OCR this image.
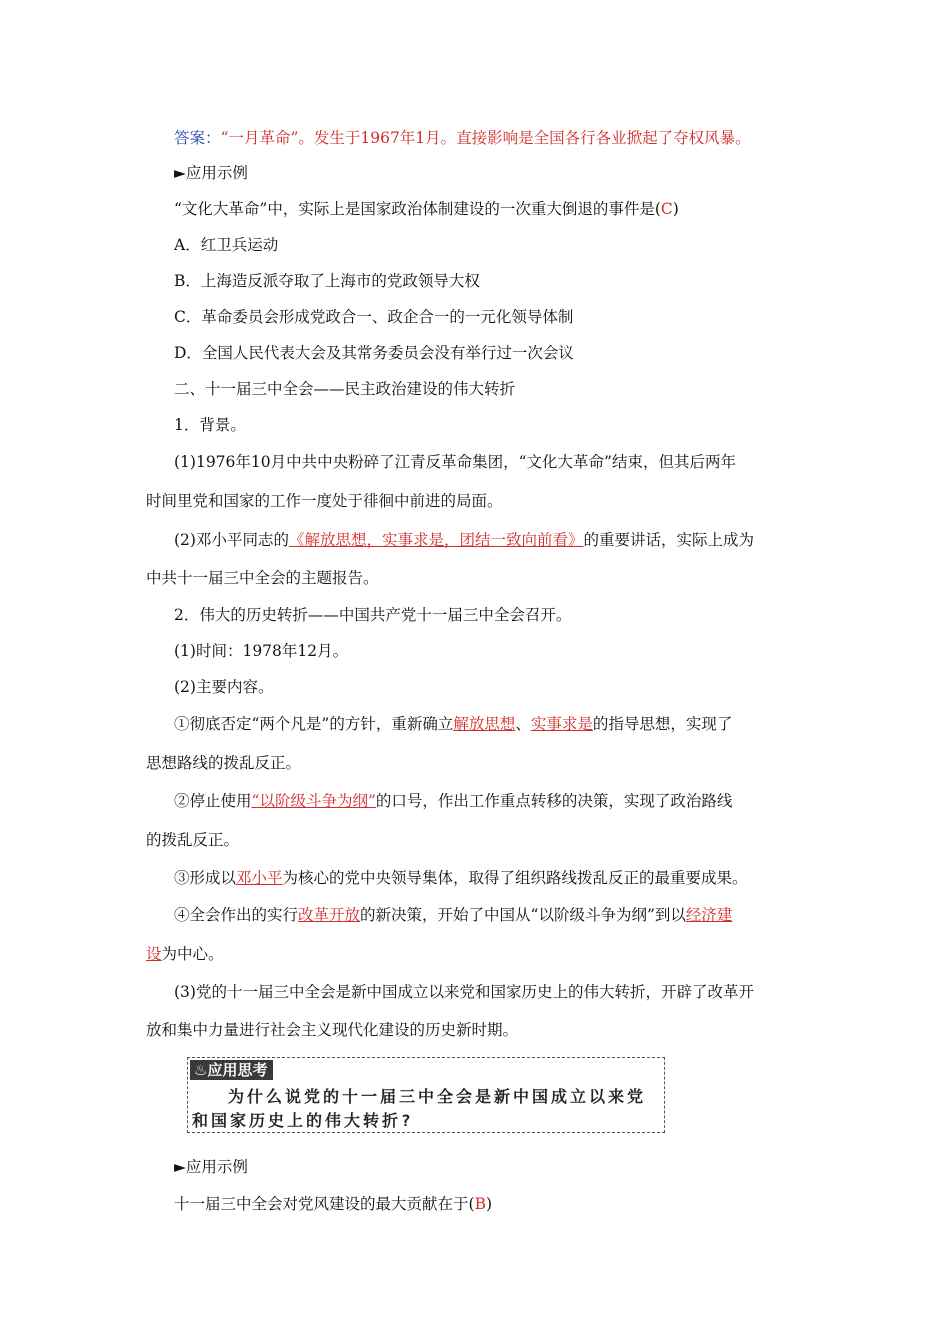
答案：“一月革命”。发生于1967年1月。直接影响是全国各行各业掀起了夺权风暴。
►应用示例
“文化大革命”中，实际上是国家政治体制建设的一次重大倒退的事件是(C)
A．红卫兵运动
B．上海造反派夺取了上海市的党政领导大权
C．革命委员会形成党政合一、政企合一的一元化领导体制
D．全国人民代表大会及其常务委员会没有举行过一次会议
二、十一届三中全会——民主政治建设的伟大转折
1．背景。
(1)1976年10月中共中央粉碎了江青反革命集团，“文化大革命”结束，但其后两年
时间里党和国家的工作一度处于徘徊中前进的局面。
(2)邓小平同志的《解放思想，实事求是，团结一致向前看》的重要讲话，实际上成为
中共十一届三中全会的主题报告。
2．伟大的历史转折——中国共产党十一届三中全会召开。
(1)时间：1978年12月。
(2)主要内容。
①彻底否定“两个凡是”的方针，重新确立解放思想、实事求是的指导思想，实现了
思想路线的拨乱反正。
②停止使用“以阶级斗争为纲”的口号，作出工作重点转移的决策，实现了政治路线
的拨乱反正。
③形成以邓小平为核心的党中央领导集体，取得了组织路线拨乱反正的最重要成果。
④全会作出的实行改革开放的新决策，开始了中国从“以阶级斗争为纲”到以经济建
设为中心。
(3)党的十一届三中全会是新中国成立以来党和国家历史上的伟大转折，开辟了改革开
放和集中力量进行社会主义现代化建设的历史新时期。
♨应用思考
为什么说党的十一届三中全会是新中国成立以来党
和国家历史上的伟大转折?
►应用示例
十一届三中全会对党风建设的最大贡献在于(B)
